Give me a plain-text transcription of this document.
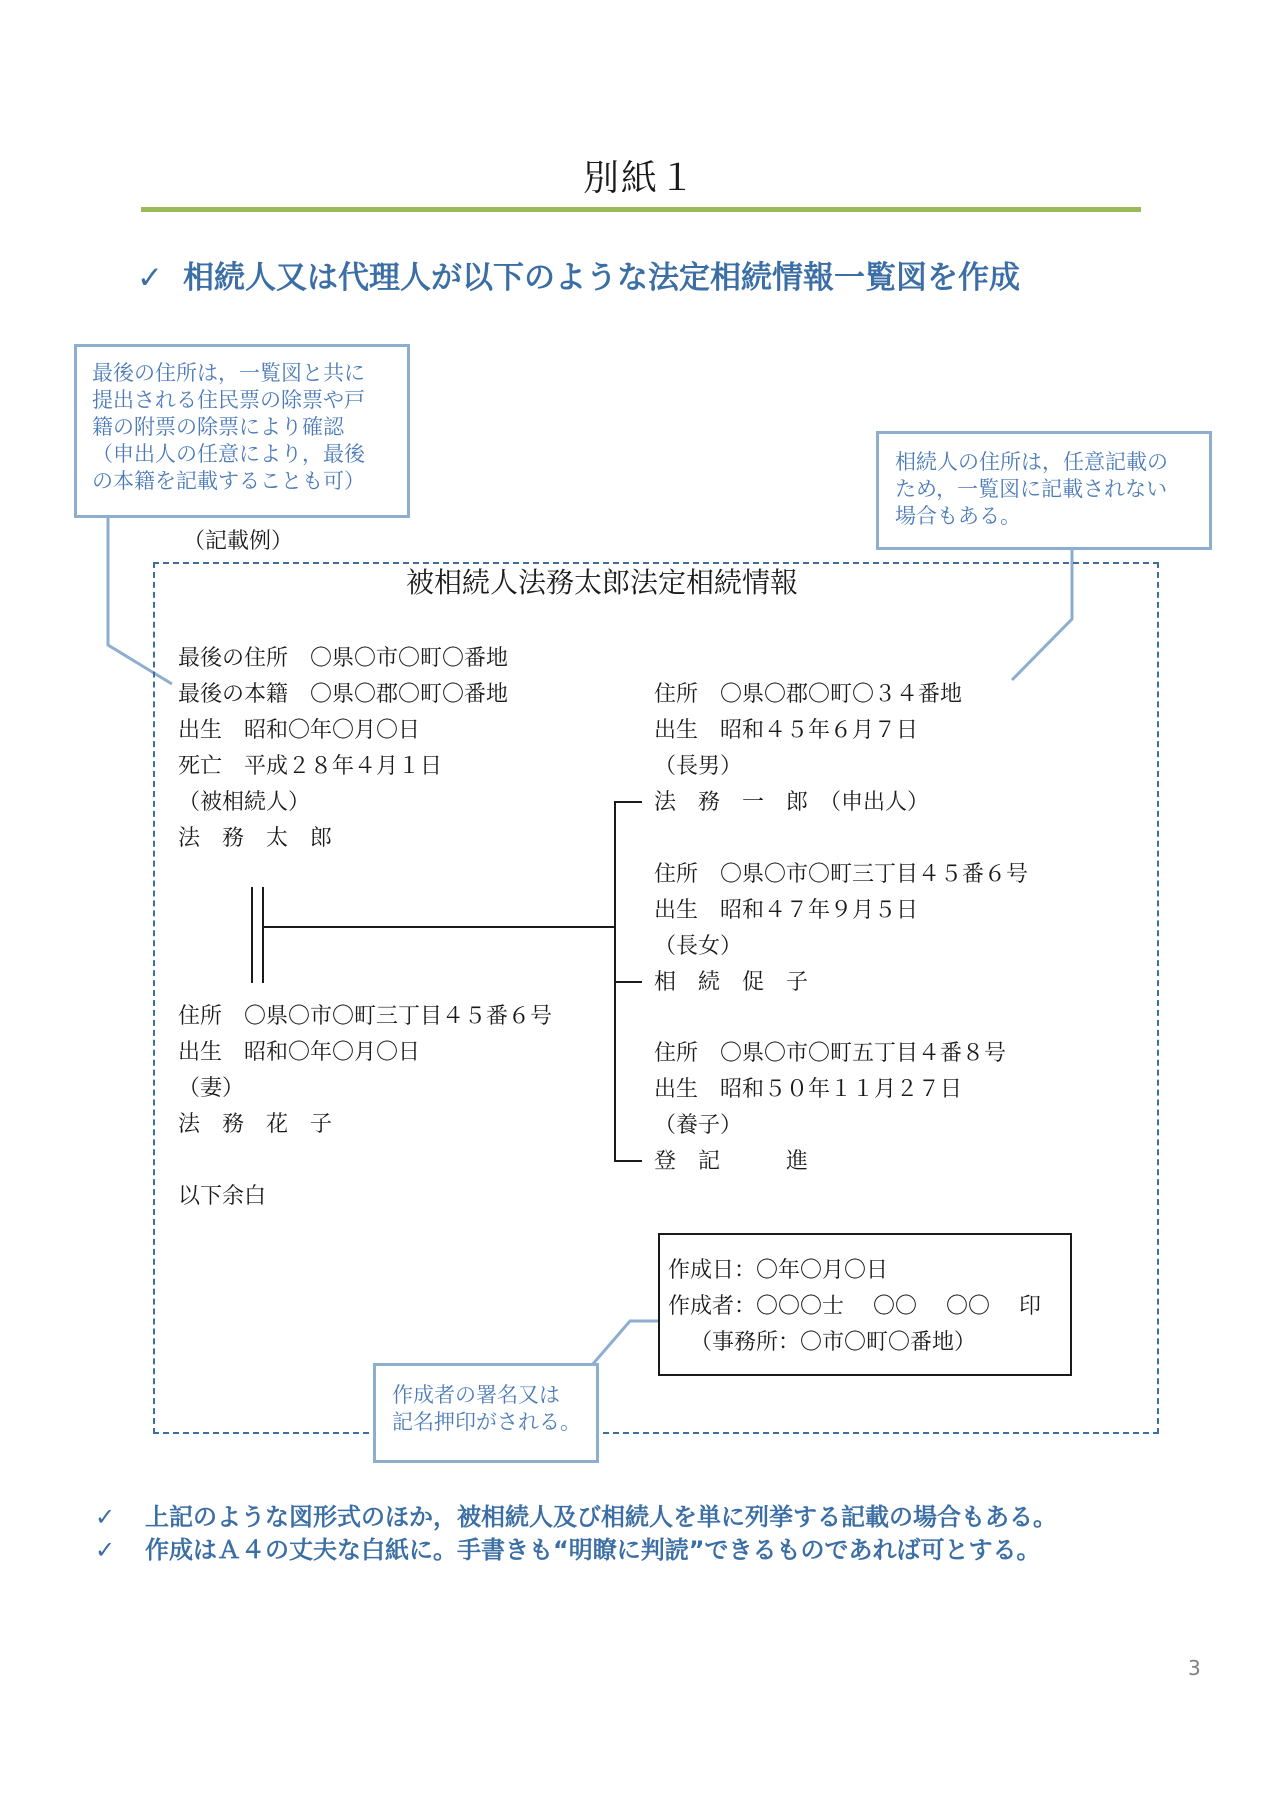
別紙１
✓ 相続人又は代理人が以下のような法定相続情報一覧図を作成
最後の住所は，一覧図と共に
提出される住民票の除票や戸
籍の附票の除票により確認
（申出人の任意により，最後
の本籍を記載することも可）
相続人の住所は，任意記載の
ため，一覧図に記載されない
場合もある。
（記載例）
被相続人法務太郎法定相続情報
最後の住所　〇県〇市〇町〇番地
最後の本籍　〇県〇郡〇町〇番地
出生　昭和〇年〇月〇日
死亡　平成２８年４月１日
（被相続人）
法　務　太　郎
住所　〇県〇市〇町三丁目４５番６号
出生　昭和〇年〇月〇日
（妻）
法　務　花　子
以下余白
住所　〇県〇郡〇町〇３４番地
出生　昭和４５年６月７日
（長男）
法　務　一　郎　（申出人）
住所　〇県〇市〇町三丁目４５番６号
出生　昭和４７年９月５日
（長女）
相　続　促　子
住所　〇県〇市〇町五丁目４番８号
出生　昭和５０年１１月２７日
（養子）
登　記　　　進
作成日：〇年〇月〇日
作成者：〇〇〇士　 〇〇　 〇〇　 印
（事務所：〇市〇町〇番地）
作成者の署名又は
記名押印がされる。
✓ 上記のような図形式のほか，被相続人及び相続人を単に列挙する記載の場合もある。
✓ 作成はＡ４の丈夫な白紙に。手書きも“明瞭に判読”できるものであれば可とする。
3
